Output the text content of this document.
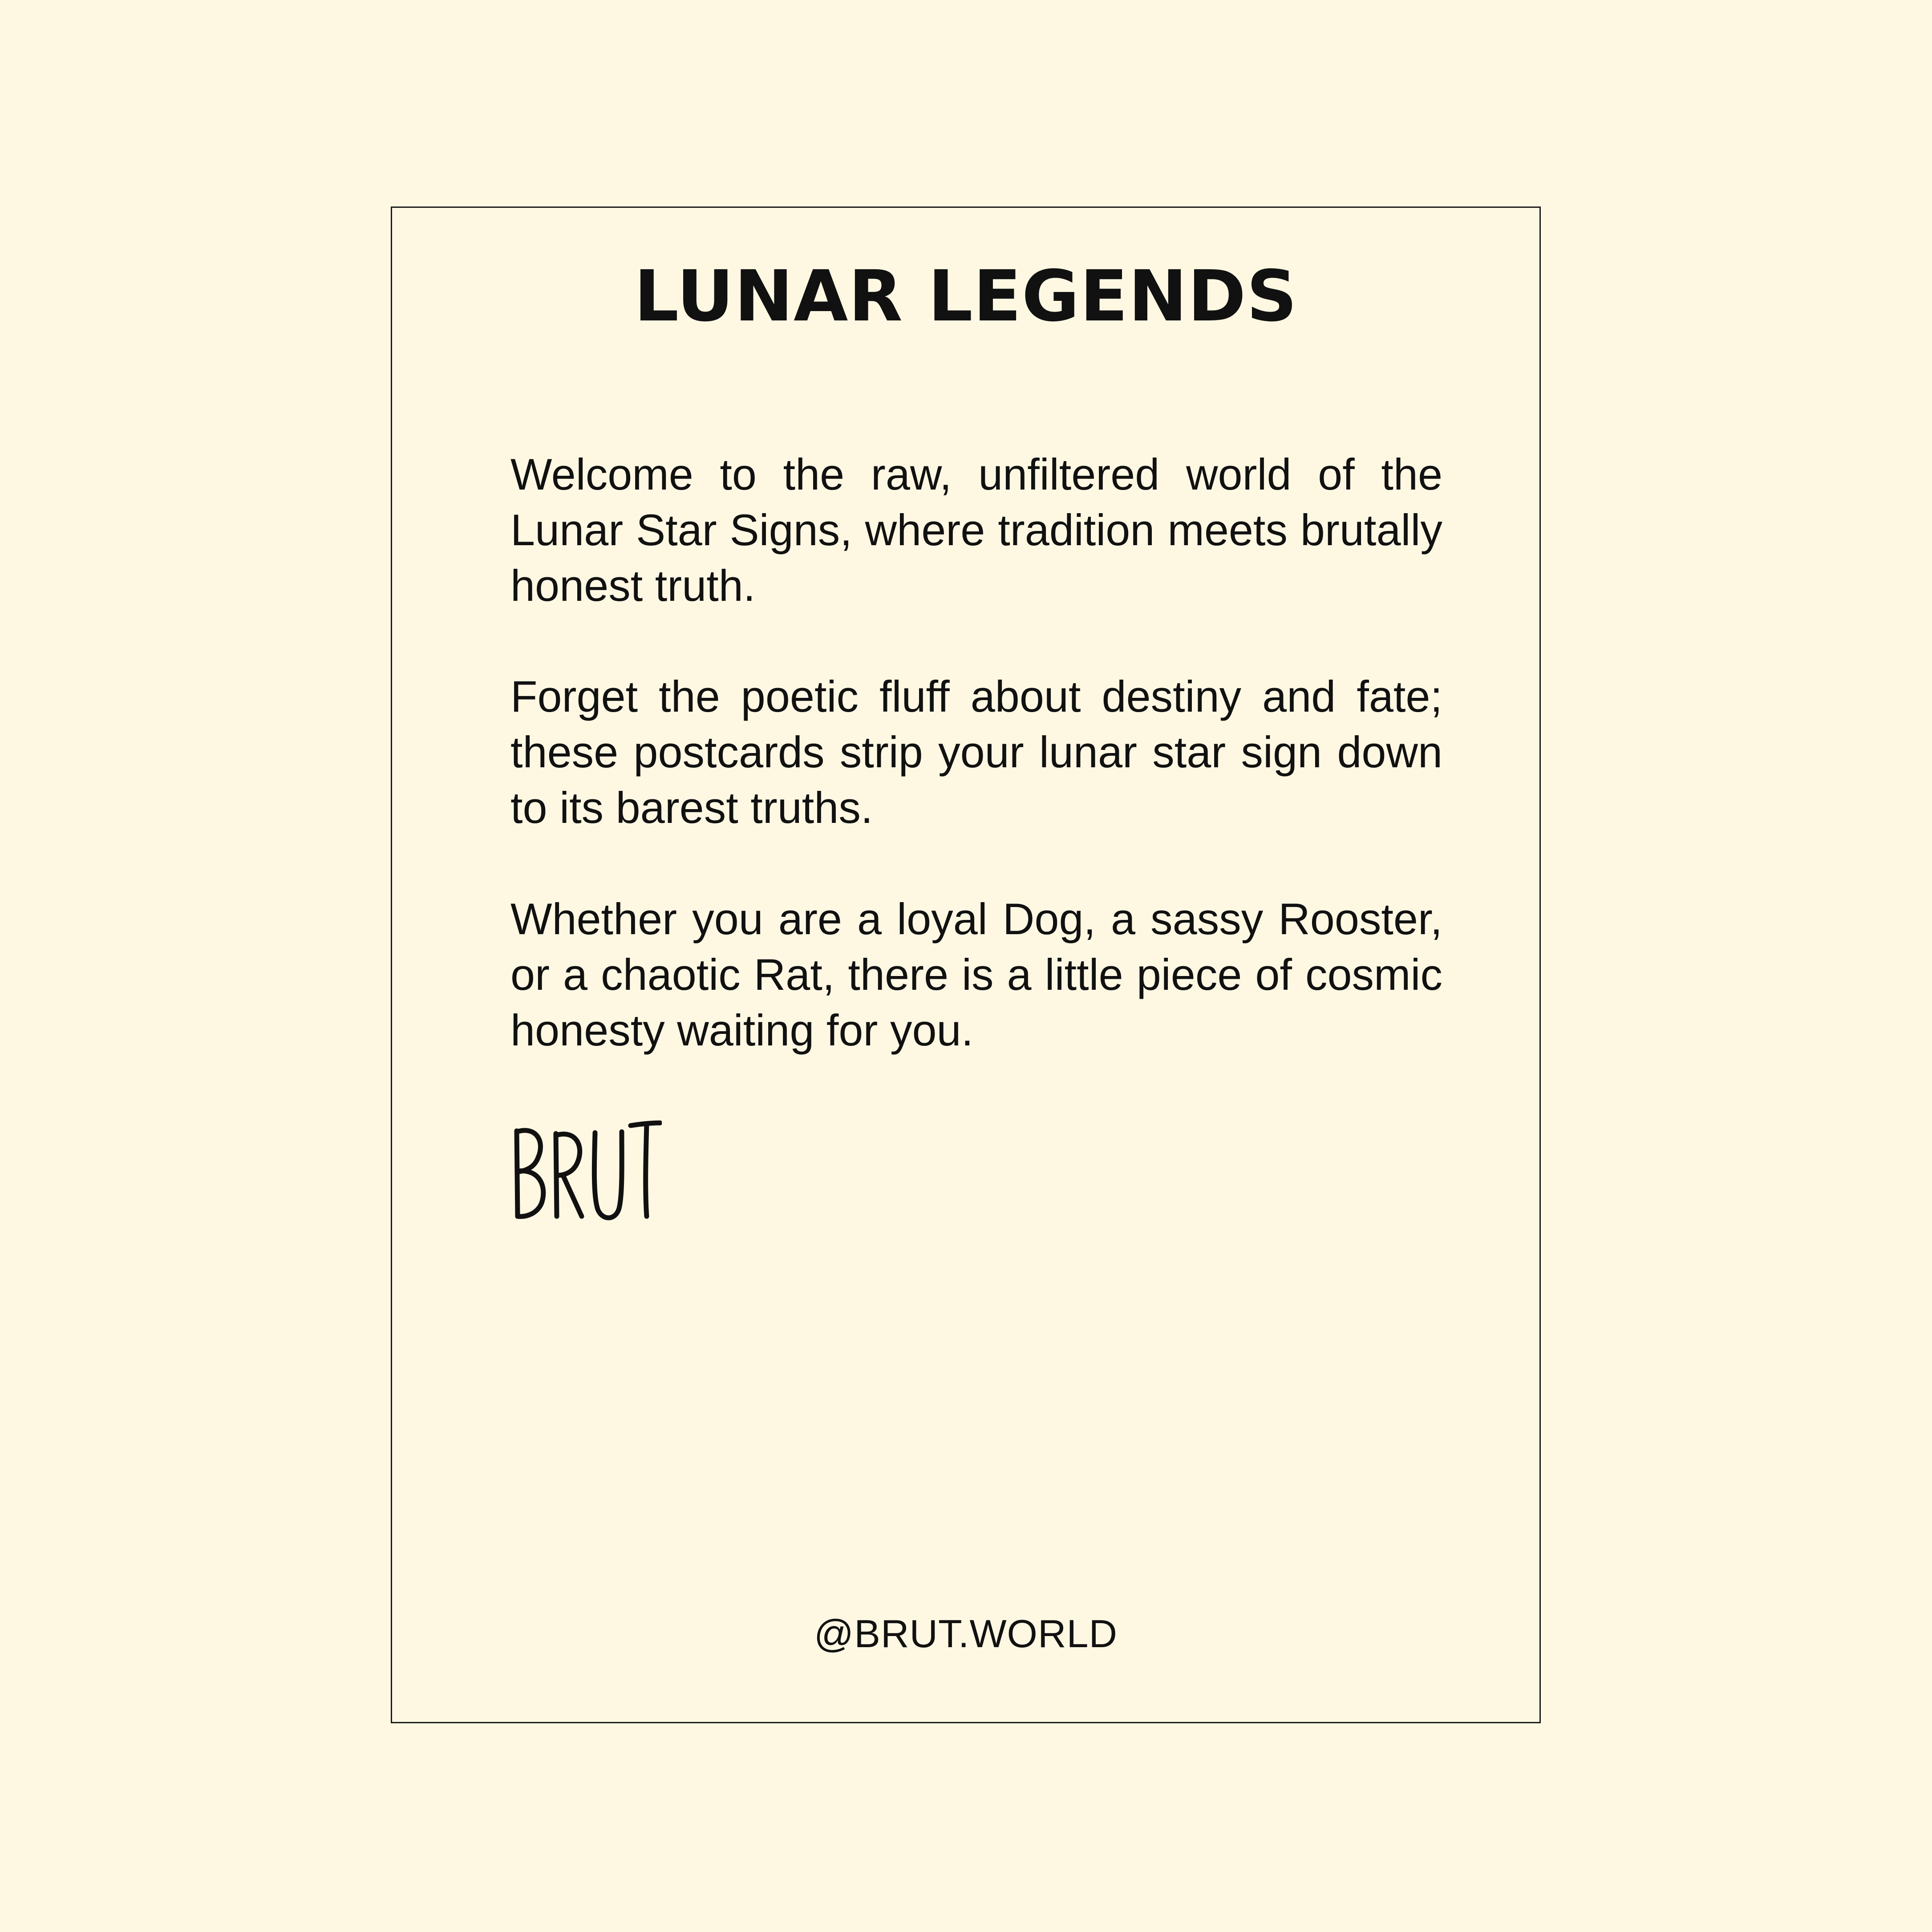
LUNAR LEGENDS

Welcome to the raw, unfiltered world of the Lunar Star Signs, where tradition meets brutally honest truth.

Forget the poetic fluff about destiny and fate; these postcards strip your lunar star sign down to its barest truths.

Whether you are a loyal Dog, a sassy Rooster, or a chaotic Rat, there is a little piece of cosmic honesty waiting for you.

@BRUT.WORLD
